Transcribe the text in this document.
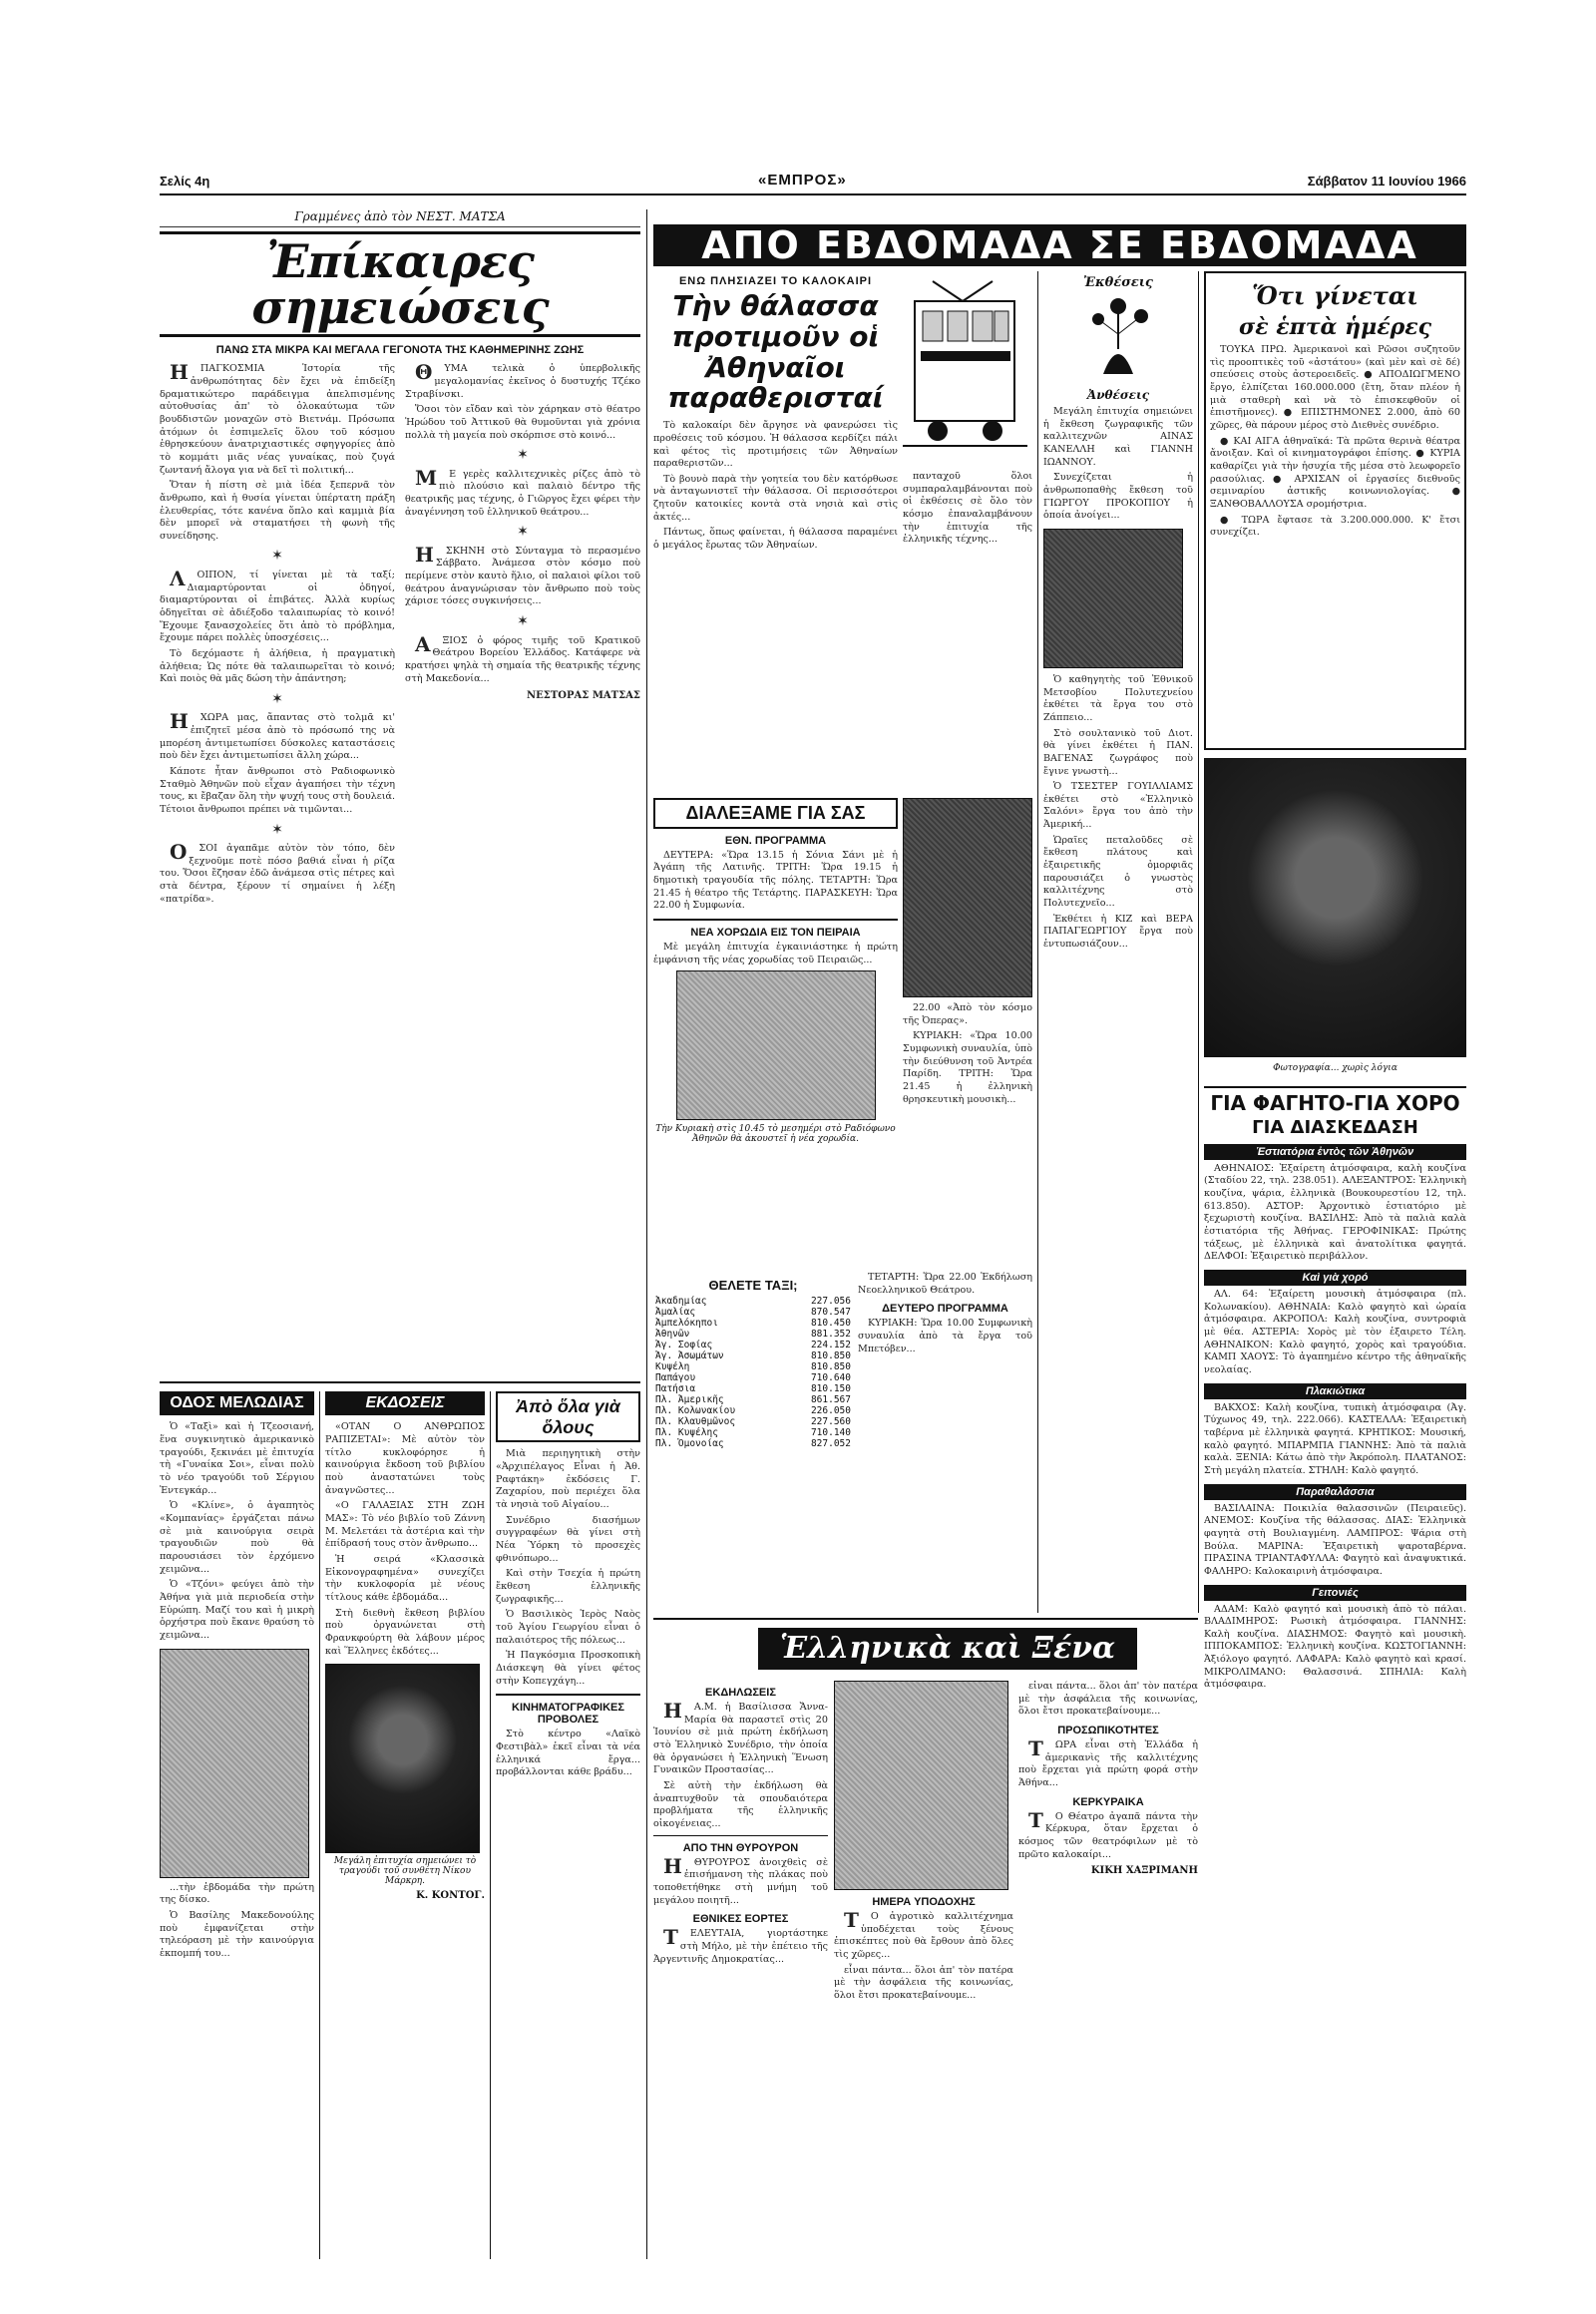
Σελίς 4η	«ΕΜΠΡΟΣ»	Σάββατον 11 Ιουνίου 1966
Γραμμένες ἀπὸ τὸν ΝΕΣΤ. ΜΑΤΣΑ
Ἐπίκαιρες σημειώσεις
ΠΑΝΩ ΣΤΑ ΜΙΚΡΑ ΚΑΙ ΜΕΓΑΛΑ ΓΕΓΟΝΟΤΑ ΤΗΣ ΚΑΘΗΜΕΡΙΝΗΣ ΖΩΗΣ

ΗΠΑΓΚΟΣΜΙΑ Ἱστορία τῆς ἀνθρωπότητας δὲν ἔχει νὰ ἐπιδείξη δραματικώτερο παράδειγμα ἀπελπισμένης αὐτοθυσίας ἀπ' τὸ ὁλοκαύτωμα τῶν βουδδιστῶν μοναχῶν στὸ Βιετνάμ. Πρόσωπα ἀτόμων ὁι ἐσπιμελεῖς ὅλου τοῦ κόσμου ἐθρησκεύουν ἀνατριχιαστικές σφηγγορίες ἀπὸ τὸ κομμάτι μιᾶς νέας γυναίκας, ποὺ ζυγά ζωντανή ἄλογα για νὰ δεῖ τὶ πολιτική...

Ὅταν ἡ πίστη σὲ μιὰ ἰδέα ξεπερνᾶ τὸν ἄνθρωπο, καὶ ἡ θυσία γίνεται ὑπέρτατη πράξη ἐλευθερίας, τότε κανένα ὅπλο καὶ καμμιὰ βία δὲν μπορεῖ νὰ σταματήσει τὴ φωνὴ τῆς συνείδησης.

✶

ΛΟΙΠΟΝ, τί γίνεται μὲ τὰ ταξί; Διαμαρτύρονται οἱ ὁδηγοί, διαμαρτύρονται οἱ ἐπιβάτες. Ἀλλὰ κυρίως ὁδηγεῖται σὲ ἀδιέξοδο ταλαιπωρίας τὸ κοινό! Ἔχουμε ξανασχολείες ὅτι ἀπὸ τὸ πρόβλημα, ἔχουμε πάρει πολλὲς ὑποσχέσεις...

Τὸ δεχόμαστε ἡ ἀλήθεια, ἡ πραγματικὴ ἀλήθεια; Ὡς πότε θὰ ταλαιπωρεῖται τὸ κοινό; Καὶ ποιὸς θὰ μᾶς δώση τὴν ἀπάντηση;

✶

ΗΧΩΡΑ μας, ἄπαντας στὸ τολμᾶ κι' ἐπιζητεῖ μέσα ἀπὸ τὸ πρόσωπό της νὰ μπορέση ἀντιμετωπίσει δύσκολες καταστάσεις ποὺ δὲν ἔχει ἀντιμετωπίσει ἄλλη χώρα...

Κάποτε ἦταν ἄνθρωποι στὸ Ραδιοφωνικὸ Σταθμὸ Ἀθηνῶν ποὺ εἶχαν ἀγαπήσει τὴν τέχνη τους, κι ἔβαζαν ὅλη τὴν ψυχή τους στὴ δουλειά. Τέτοιοι ἄνθρωποι πρέπει νὰ τιμῶνται...

✶

ΟΣΟΙ ἀγαπᾶμε αὐτὸν τὸν τόπο, δὲν ξεχνοῦμε ποτὲ πόσο βαθιά εἶναι ἡ ρίζα του. Ὅσοι ἔζησαν ἐδῶ ἀνάμεσα στὶς πέτρες καὶ στὰ δέντρα, ξέρουν τί σημαίνει ἡ λέξη «πατρίδα».

ΘΥΜΑ τελικὰ ὁ ὑπερβολικῆς μεγαλομανίας ἐκεῖνος ὁ δυστυχής Τζέκο Στραβίνσκι.

Ὅσοι τὸν εἴδαν καὶ τὸν χάρηκαν στὸ θέατρο Ἡρώδου τοῦ Ἀττικοῦ θὰ θυμοῦνται γιὰ χρόνια πολλὰ τὴ μαγεία ποὺ σκόρπισε στὸ κοινό...

✶

ΜΕ γερὲς καλλιτεχνικὲς ρίζες ἀπὸ τὸ πιὸ πλούσιο καὶ παλαιὸ δέντρο τῆς θεατρικῆς μας τέχνης, ὁ Γιῶργος ἔχει φέρει τὴν ἀναγέννηση τοῦ ἑλληνικοῦ θεάτρου...

✶

ΗΣΚΗΝΗ στὸ Σύνταγμα τὸ περασμένο Σάββατο. Ἀνάμεσα στὸν κόσμο ποὺ περίμενε στὸν καυτὸ ἥλιο, οἱ παλαιοὶ φίλοι τοῦ θεάτρου ἀναγνώρισαν τὸν ἄνθρωπο ποὺ τοὺς χάρισε τόσες συγκινήσεις...

✶

ΑΞΙΟΣ ὁ φόρος τιμῆς τοῦ Κρατικοῦ Θεάτρου Βορείου Ἑλλάδος. Κατάφερε νὰ κρατήσει ψηλὰ τὴ σημαία τῆς θεατρικῆς τέχνης στὴ Μακεδονία...

ΝΕΣΤΟΡΑΣ ΜΑΤΣΑΣ
ΟΔΟΣ ΜΕΛΩΔΙΑΣ

Ὁ «Ταξὶ» καὶ ἡ Τζεοσιανή, ἕνα συγκινητικὸ ἀμερικανικὸ τραγούδι, ξεκινάει μὲ ἐπιτυχία τὴ «Γυναίκα Σοι», εἶναι πολὺ τὸ νέο τραγούδι τοῦ Σέργιου Ἐντεγκάρ...

Ὁ «Κλίνε», ὁ ἀγαπητὸς «Κομπανίας» ἐργάζεται πάνω σὲ μιὰ καινούργια σειρὰ τραγουδιῶν ποὺ θὰ παρουσιάσει τὸν ἐρχόμενο χειμῶνα...

Ὁ «Τζόνι» φεύγει ἀπὸ τὴν Ἀθήνα γιὰ μιὰ περιοδεία στὴν Εὐρώπη. Μαζί του καὶ ἡ μικρὴ ὀρχήστρα ποὺ ἔκανε θραύση τὸ χειμῶνα...

...τὴν ἑβδομάδα τὴν πρώτη της δίσκο.

Ὁ Βασίλης Μακεδονούλης ποὺ ἐμφανίζεται στὴν τηλεόραση μὲ τὴν καινούργια ἐκπομπή του...

ΕΚΔΟΣΕΙΣ

«ΟΤΑΝ Ο ΑΝΘΡΩΠΟΣ ΡΑΠΙΖΕΤΑΙ»: Μὲ αὐτὸν τὸν τίτλο κυκλοφόρησε ἡ καινούργια ἔκδοση τοῦ βιβλίου ποὺ ἀναστατώνει τοὺς ἀναγνῶστες...

«Ο ΓΑΛΑΞΙΑΣ ΣΤΗ ΖΩΗ ΜΑΣ»: Τὸ νέο βιβλίο τοῦ Ζάννη Μ. Μελετάει τὰ ἀστέρια καὶ τὴν ἐπίδρασή τους στὸν ἄνθρωπο...

Ἡ σειρά «Κλασσικὰ Εἰκονογραφημένα» συνεχίζει τὴν κυκλοφορία μὲ νέους τίτλους κάθε ἑβδομάδα...

Στὴ διεθνὴ ἔκθεση βιβλίου ποὺ ὀργανώνεται στὴ Φρανκφούρτη θὰ λάβουν μέρος καὶ Ἕλληνες ἐκδότες...

Μεγάλη ἐπιτυχία σημειώνει τὸ τραγούδι τοῦ συνθέτη Νίκου Μάρκρη.
Κ. ΚΟΝΤΟΓ.
Ἀπὸ ὅλα γιὰ ὅλους

Μιὰ περιηγητικὴ στὴν «Ἀρχιπέλαγος Εἶναι ἡ Ἀθ. Ραφτάκη» ἐκδόσεις Γ. Ζαχαρίου, ποὺ περιέχει ὅλα τὰ νησιὰ τοῦ Αἰγαίου...

Συνέδριο διασήμων συγγραφέων θὰ γίνει στὴ Νέα Ὑόρκη τὸ προσεχὲς φθινόπωρο...

Καὶ στὴν Τσεχία ἡ πρώτη ἔκθεση ἑλληνικῆς ζωγραφικῆς...

Ὁ Βασιλικὸς Ἱερὸς Ναὸς τοῦ Ἁγίου Γεωργίου εἶναι ὁ παλαιότερος τῆς πόλεως...

Ἡ Παγκόσμια Προσκοπικὴ Διάσκεψη θὰ γίνει φέτος στὴν Κοπεγχάγη...

ΚΙΝΗΜΑΤΟΓΡΑΦΙΚΕΣ ΠΡΟΒΟΛΕΣ

Στὸ κέντρο «Λαϊκὸ Φεστιβὰλ» ἐκεῖ εἶναι τὰ νέα ἑλληνικά ἔργα... προβάλλονται κάθε βράδυ...

ΑΠΟ ΕΒΔΟΜΑΔΑ ΣΕ ΕΒΔΟΜΑΔΑ
ΕΝΩ ΠΛΗΣΙΑΖΕΙ ΤΟ ΚΑΛΟΚΑΙΡΙ
Τὴν θάλασσα προτιμοῦν οἱ Ἀθηναῖοι παραθερισταί

Τὸ καλοκαίρι δὲν ἄργησε νὰ φανερώσει τὶς προθέσεις τοῦ κόσμου. Ἡ θάλασσα κερδίζει πάλι καὶ φέτος τὶς προτιμήσεις τῶν Ἀθηναίων παραθεριστῶν...

Τὸ βουνὸ παρὰ τὴν γοητεία του δὲν κατόρθωσε νὰ ἀνταγωνιστεῖ τὴν θάλασσα. Οἱ περισσότεροι ζητοῦν κατοικίες κοντὰ στὰ νησιὰ καὶ στὶς ἀκτές...

Πάντως, ὅπως φαίνεται, ἡ θάλασσα παραμένει ὁ μεγάλος ἔρωτας τῶν Ἀθηναίων.

πανταχοῦ ὅλοι συμπαραλαμβάνονται ποὺ οἱ ἐκθέσεις σὲ ὅλο τὸν κόσμο ἐπαναλαμβάνουν τὴν ἐπιτυχία τῆς ἑλληνικῆς τέχνης...

Ἐκθέσεις
Ἀνθέσεις

Μεγάλη ἐπιτυχία σημειώνει ἡ ἔκθεση ζωγραφικῆς τῶν καλλιτεχνῶν ΑΙΝΑΣ ΚΑΝΕΛΛΗ καὶ ΓΙΑΝΝΗ ΙΩΑΝΝΟΥ.

Συνεχίζεται ἡ ἀνθρωποπαθὴς ἔκθεση τοῦ ΓΙΩΡΓΟΥ ΠΡΟΚΟΠΙΟΥ ἡ ὁποία ἀνοίγει...

Ὁ καθηγητὴς τοῦ Ἐθνικοῦ Μετσοβίου Πολυτεχνείου ἐκθέτει τὰ ἔργα του στὸ Ζάππειο...

Στὸ σουλτανικὸ τοῦ Διοτ. θὰ γίνει ἐκθέτει ἡ ΠΑΝ. ΒΑΓΕΝΑΣ ζωγράφος ποὺ ἔγινε γνωστὴ...

Ὁ ΤΣΕΣΤΕΡ ΓΟΥΙΛΛΙΑΜΣ ἐκθέτει στὸ «Ἑλληνικὸ Σαλόνι» ἔργα του ἀπὸ τὴν Ἀμερική...

Ὡραῖες πεταλοῦδες σὲ ἔκθεση πλάτους καὶ ἐξαιρετικῆς ὀμορφιᾶς παρουσιάζει ὁ γνωστὸς καλλιτέχνης στὸ Πολυτεχνεῖο...

Ἐκθέτει ἡ ΚΙΖ καὶ ΒΕΡΑ ΠΑΠΑΓΕΩΡΓΙΟΥ ἔργα ποὺ ἐντυπωσιάζουν...

Ὅτι γίνεται
σὲ ἑπτὰ ἡμέρες

ΤΟΥΚΑ ΠΡΩ. Ἀμερικανοὶ καὶ Ρῶσοι συζητοῦν τὶς προοπτικὲς τοῦ «ἀστάτου» (καὶ μὲν καὶ σὲ δέ) σπεύσεις στοὺς ἀστεροειδεῖς. ● ΑΠΟΔΙΩΓΜΕΝΟ ἔργο, ἐλπίζεται 160.000.000 (ἔτη, ὅταν πλέον ἡ μιὰ σταθερὴ καὶ νὰ τὸ ἐπισκεφθοῦν οἱ ἐπιστῆμονες). ● ΕΠΙΣΤΗΜΟΝΕΣ 2.000, ἀπὸ 60 χῶρες, θὰ πάρουν μέρος στὸ Διεθνὲς συνέδριο.

● ΚΑΙ ΑΙΓΑ ἀθηναϊκά: Τὰ πρῶτα θερινὰ θέατρα ἄνοιξαν. Καὶ οἱ κινηματογράφοι ἐπίσης. ● ΚΥΡΙΑ καθαρίζει γιὰ τὴν ἡσυχία τῆς μέσα στὸ λεωφορεῖο ρασούλιας. ● ΑΡΧΙΣΑΝ οἱ ἐργασίες διεθνοῦς σεμιναρίου ἀστικῆς κοινωνιολογίας. ● ΞΑΝΘΟΒΑΛΛΟΥΣΑ σρομήστρια.

● ΤΩΡΑ ἔφτασε τὰ 3.200.000.000. Κ' ἔτσι συνεχίζει.

Φωτογραφία... χωρὶς λόγια
ΓΙΑ ΦΑΓΗΤΟ-ΓΙΑ ΧΟΡΟ
ΓΙΑ ΔΙΑΣΚΕΔΑΣΗ
Ἑστιατόρια ἐντὸς τῶν Ἀθηνῶν

ΑΘΗΝΑΙΟΣ: Ἐξαίρετη ἀτμόσφαιρα, καλὴ κουζίνα (Σταδίου 22, τηλ. 238.051). ΑΛΕΞΑΝΤΡΟΣ: Ἑλληνικὴ κουζίνα, ψάρια, ἑλληνικὰ (Βουκουρεστίου 12, τηλ. 613.850). ΑΣΤΟΡ: Ἀρχοντικὸ ἑστιατόριο μὲ ξεχωριστὴ κουζίνα. ΒΑΣΙΛΗΣ: Ἀπὸ τὰ παλιὰ καλὰ ἑστιατόρια τῆς Ἀθήνας. ΓΕΡΟΦΙΝΙΚΑΣ: Πρώτης τάξεως, μὲ ἑλληνικὰ καὶ ἀνατολίτικα φαγητά. ΔΕΛΦΟΙ: Ἐξαιρετικὸ περιβάλλον.

Καὶ γιὰ χορό

ΑΛ. 64: Ἐξαίρετη μουσικὴ ἀτμόσφαιρα (πλ. Κολωνακίου). ΑΘΗΝΑΙΑ: Καλὸ φαγητὸ καὶ ὡραία ἀτμόσφαιρα. ΑΚΡΟΠΟΛ: Καλὴ κουζίνα, συντροφιὰ μὲ θέα. ΑΣΤΕΡΙΑ: Χορὸς μὲ τὸν ἐξαιρετο Τέλη. ΑΘΗΝΑΙΚΟΝ: Καλὸ φαγητό, χορὸς καὶ τραγούδια. ΚΑΜΠ ΧΑΟΥΣ: Τὸ ἀγαπημένο κέντρο τῆς ἀθηναϊκῆς νεολαίας.

Πλακιώτικα

ΒΑΚΧΟΣ: Καλὴ κουζίνα, τυπικὴ ἀτμόσφαιρα (Ἀγ. Τύχωνος 49, τηλ. 222.066). ΚΑΣΤΕΛΛΑ: Ἐξαιρετικὴ ταβέρνα μὲ ἑλληνικὰ φαγητά. ΚΡΗΤΙΚΟΣ: Μουσική, καλὸ φαγητό. ΜΠΑΡΜΠΑ ΓΙΑΝΝΗΣ: Ἀπὸ τὰ παλιὰ καλὰ. ΞΕΝΙΑ: Κάτω ἀπὸ τὴν Ἀκρόπολη. ΠΛΑΤΑΝΟΣ: Στὴ μεγάλη πλατεία. ΣΤΗΛΗ: Καλὸ φαγητό.

Παραθαλάσσια

ΒΑΣΙΛΑΙΝΑ: Ποικιλία θαλασσινῶν (Πειραιεῦς). ΑΝΕΜΟΣ: Κουζίνα τῆς θάλασσας. ΔΙΑΣ: Ἑλληνικὰ φαγητὰ στὴ Βουλιαγμένη. ΛΑΜΠΡΟΣ: Ψάρια στὴ Βούλα. ΜΑΡΙΝΑ: Ἐξαιρετικὴ ψαροταβέρνα. ΠΡΑΣΙΝΑ ΤΡΙΑΝΤΑΦΥΛΛΑ: Φαγητὸ καὶ ἀναψυκτικά. ΦΑΛΗΡΟ: Καλοκαιρινὴ ἀτμόσφαιρα.

Γειτονιές

ΑΔΑΜ: Καλὸ φαγητό καὶ μουσικὴ ἀπὸ τὸ πάλαι. ΒΛΑΔΙΜΗΡΟΣ: Ρωσικὴ ἀτμόσφαιρα. ΓΙΑΝΝΗΣ: Καλὴ κουζίνα. ΔΙΑΣΗΜΟΣ: Φαγητὸ καὶ μουσικὴ. ΙΠΠΟΚΑΜΠΟΣ: Ἑλληνικὴ κουζίνα. ΚΩΣΤΟΓΙΑΝΝΗ: Ἀξιόλογο φαγητό. ΛΑΦΑΡΑ: Καλὸ φαγητὸ καὶ κρασί. ΜΙΚΡΟΛΙΜΑΝΟ: Θαλασσινά. ΣΠΗΛΙΑ: Καλὴ ἀτμόσφαιρα.

ΔΙΑΛΕΞΑΜΕ ΓΙΑ ΣΑΣ
ΕΘΝ. ΠΡΟΓΡΑΜΜΑ

ΔΕΥΤΕΡΑ: «Ὥρα 13.15 ἡ Σόνια Σάνι μὲ ἡ Ἀγάπη τῆς Λατινῆς. ΤΡΙΤΗ: Ὥρα 19.15 ἡ δημοτικὴ τραγουδία τῆς πόλης. ΤΕΤΑΡΤΗ: Ὥρα 21.45 ἡ θέατρο τῆς Τετάρτης. ΠΑΡΑΣΚΕΥΗ: Ὥρα 22.00 ἡ Συμφωνία.

ΝΕΑ ΧΟΡΩΔΙΑ ΕΙΣ ΤΟΝ ΠΕΙΡΑΙΑ

Μὲ μεγάλη ἐπιτυχία ἐγκαινιάστηκε ἡ πρώτη ἐμφάνιση τῆς νέας χορωδίας τοῦ Πειραιῶς...

Τὴν Κυριακὴ στὶς 10.45 τὸ μεσημέρι στὸ Ραδιόφωνο Ἀθηνῶν θὰ ἀκουστεῖ ἡ νέα χορωδία.

22.00 «Ἀπὸ τὸν κόσμο τῆς Ὀπερας».

ΚΥΡΙΑΚΗ: «Ὥρα 10.00 Συμφωνικὴ συναυλία, ὑπὸ τὴν διεύθυνση τοῦ Ἀντρέα Παρίδη. ΤΡΙΤΗ: Ὥρα 21.45 ἡ ἐλληνικὴ θρησκευτικὴ μουσικὴ...

ΘΕΛΕΤΕ ΤΑΞΙ;
Ἀκαδημίας	227.056
Ἀμαλίας	870.547
Ἀμπελόκηποι	810.450
Ἀθηνῶν	881.352
Ἁγ. Σοφίας	224.152
Ἁγ. Ἀσωμάτων	810.850
Κυψέλη	810.850
Παπάγου	710.640
Πατήσια	810.150
Πλ. Ἀμερικῆς	861.567
Πλ. Κολωνακίου	226.050
Πλ. Κλαυθμῶνος	227.560
Πλ. Κυψέλης	710.140
Πλ. Ὁμονοίας	827.052

ΤΕΤΑΡΤΗ: Ὥρα 22.00 Ἐκδήλωση Νεοελληνικοῦ Θεάτρου.

ΔΕΥΤΕΡΟ ΠΡΟΓΡΑΜΜΑ

ΚΥΡΙΑΚΗ: Ὥρα 10.00 Συμφωνικὴ συναυλία ἀπὸ τὰ ἔργα τοῦ Μπετόβεν...

Ἑλληνικὰ καὶ Ξένα
ΕΚΔΗΛΩΣΕΙΣ

ΗΑ.Μ. ἡ Βασίλισσα Ἄννα-Μαρία θὰ παραστεῖ στὶς 20 Ἰουνίου σὲ μιὰ πρώτη ἐκδήλωση στὸ Ἑλληνικὸ Συνέδριο, τὴν ὁποία θὰ ὀργανώσει ἡ Ἑλληνικὴ Ἕνωση Γυναικῶν Προστασίας...

Σὲ αὐτὴ τὴν ἐκδήλωση θὰ ἀναπτυχθοῦν τὰ σπουδαιότερα προβλήματα τῆς ἑλληνικῆς οἰκογένειας...

ΑΠΟ ΤΗΝ ΘΥΡΟΥΡΟΝ

ΗΘΥΡΟΥΡΟΣ ἀνοιχθεὶς σὲ ἐπισήμανση τὴς πλάκας ποὺ τοποθετήθηκε στὴ μνήμη τοῦ μεγάλου ποιητῆ...

ΕΘΝΙΚΕΣ ΕΟΡΤΕΣ

ΤΕΛΕΥΤΑΙΑ, γιορτάστηκε στὴ Μήλο, μὲ τὴν ἐπέτειο τῆς Ἀργεντινῆς Δημοκρατίας...

ΗΜΕΡΑ ΥΠΟΔΟΧΗΣ

ΤΟ ἀγροτικὸ καλλιτέχνημα ὑποδέχεται τοὺς ξένους ἐπισκέπτες ποὺ θὰ ἔρθουν ἀπὸ ὅλες τὶς χῶρες...

εἶναι πάντα... ὅλοι ἀπ' τὸν πατέρα μὲ τὴν ἀσφάλεια τῆς κοινωνίας, ὅλοι ἔτσι προκατεβαίνουμε...

εἶναι πάντα... ὅλοι ἀπ' τὸν πατέρα μὲ τὴν ἀσφάλεια τῆς κοινωνίας, ὅλοι ἔτσι προκατεβαίνουμε...

ΠΡΟΣΩΠΙΚΟΤΗΤΕΣ

ΤΩΡΑ εἶναι στὴ Ἑλλάδα ἡ ἀμερικανὶς τῆς καλλιτέχνης ποὺ ἔρχεται γιὰ πρώτη φορά στὴν Ἀθήνα...

ΚΕΡΚΥΡΑΙΚΑ

ΤΟ Θέατρο ἀγαπᾶ πάντα τὴν Κέρκυρα, ὅταν ἔρχεται ὁ κόσμος τῶν θεατρόφιλων μὲ τὸ πρῶτο καλοκαίρι...

ΚΙΚΗ ΧΑΞΡΙΜΑΝΗ
